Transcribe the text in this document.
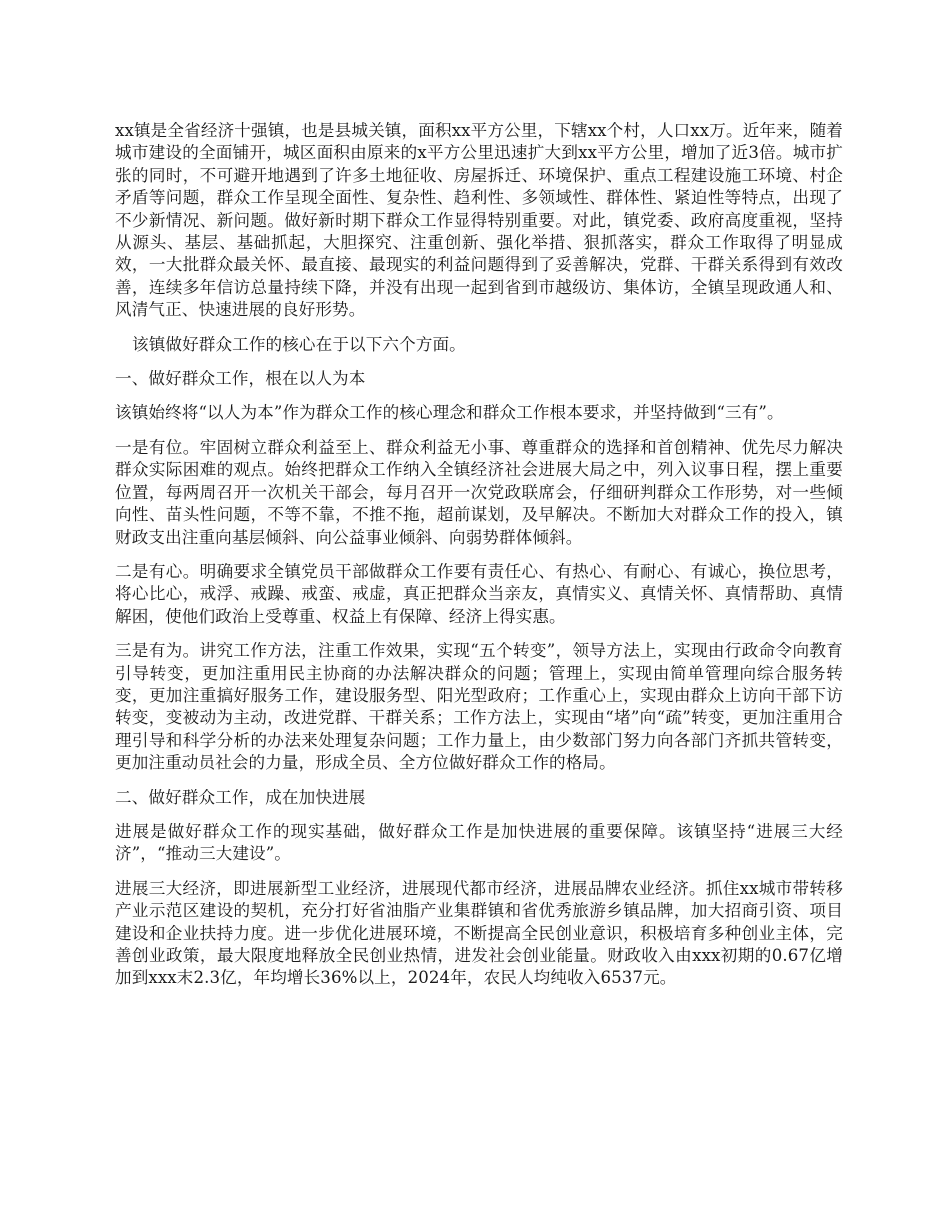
xx镇是全省经济十强镇，也是县城关镇，面积xx平方公里，下辖xx个村，人口xx万。近年来，随着城市建设的全面铺开，城区面积由原来的x平方公里迅速扩大到xx平方公里，增加了近3倍。城市扩张的同时，不可避开地遇到了许多土地征收、房屋拆迁、环境保护、重点工程建设施工环境、村企矛盾等问题，群众工作呈现全面性、复杂性、趋利性、多领域性、群体性、紧迫性等特点，出现了不少新情况、新问题。做好新时期下群众工作显得特别重要。对此，镇党委、政府高度重视，坚持从源头、基层、基础抓起，大胆探究、注重创新、强化举措、狠抓落实，群众工作取得了明显成效，一大批群众最关怀、最直接、最现实的利益问题得到了妥善解决，党群、干群关系得到有效改善，连续多年信访总量持续下降，并没有出现一起到省到市越级访、集体访，全镇呈现政通人和、风清气正、快速进展的良好形势。

该镇做好群众工作的核心在于以下六个方面。

一、做好群众工作，根在以人为本

该镇始终将“以人为本”作为群众工作的核心理念和群众工作根本要求，并坚持做到“三有”。

一是有位。牢固树立群众利益至上、群众利益无小事、尊重群众的选择和首创精神、优先尽力解决群众实际困难的观点。始终把群众工作纳入全镇经济社会进展大局之中，列入议事日程，摆上重要位置，每两周召开一次机关干部会，每月召开一次党政联席会，仔细研判群众工作形势，对一些倾向性、苗头性问题，不等不靠，不推不拖，超前谋划，及早解决。不断加大对群众工作的投入，镇财政支出注重向基层倾斜、向公益事业倾斜、向弱势群体倾斜。

二是有心。明确要求全镇党员干部做群众工作要有责任心、有热心、有耐心、有诚心，换位思考，将心比心，戒浮、戒躁、戒蛮、戒虚，真正把群众当亲友，真情实义、真情关怀、真情帮助、真情解困，使他们政治上受尊重、权益上有保障、经济上得实惠。

三是有为。讲究工作方法，注重工作效果，实现“五个转变”，领导方法上，实现由行政命令向教育引导转变，更加注重用民主协商的办法解决群众的问题；管理上，实现由简单管理向综合服务转变，更加注重搞好服务工作，建设服务型、阳光型政府；工作重心上，实现由群众上访向干部下访转变，变被动为主动，改进党群、干群关系；工作方法上，实现由“堵”向“疏”转变，更加注重用合理引导和科学分析的办法来处理复杂问题；工作力量上，由少数部门努力向各部门齐抓共管转变，更加注重动员社会的力量，形成全员、全方位做好群众工作的格局。

二、做好群众工作，成在加快进展

进展是做好群众工作的现实基础，做好群众工作是加快进展的重要保障。该镇坚持“进展三大经济”，“推动三大建设”。

进展三大经济，即进展新型工业经济，进展现代都市经济，进展品牌农业经济。抓住xx城市带转移产业示范区建设的契机，充分打好省油脂产业集群镇和省优秀旅游乡镇品牌，加大招商引资、项目建设和企业扶持力度。进一步优化进展环境，不断提高全民创业意识，积极培育多种创业主体，完善创业政策，最大限度地释放全民创业热情，进发社会创业能量。财政收入由xxx初期的0.67亿增加到xxx末2.3亿，年均增长36%以上，2024年，农民人均纯收入6537元。
